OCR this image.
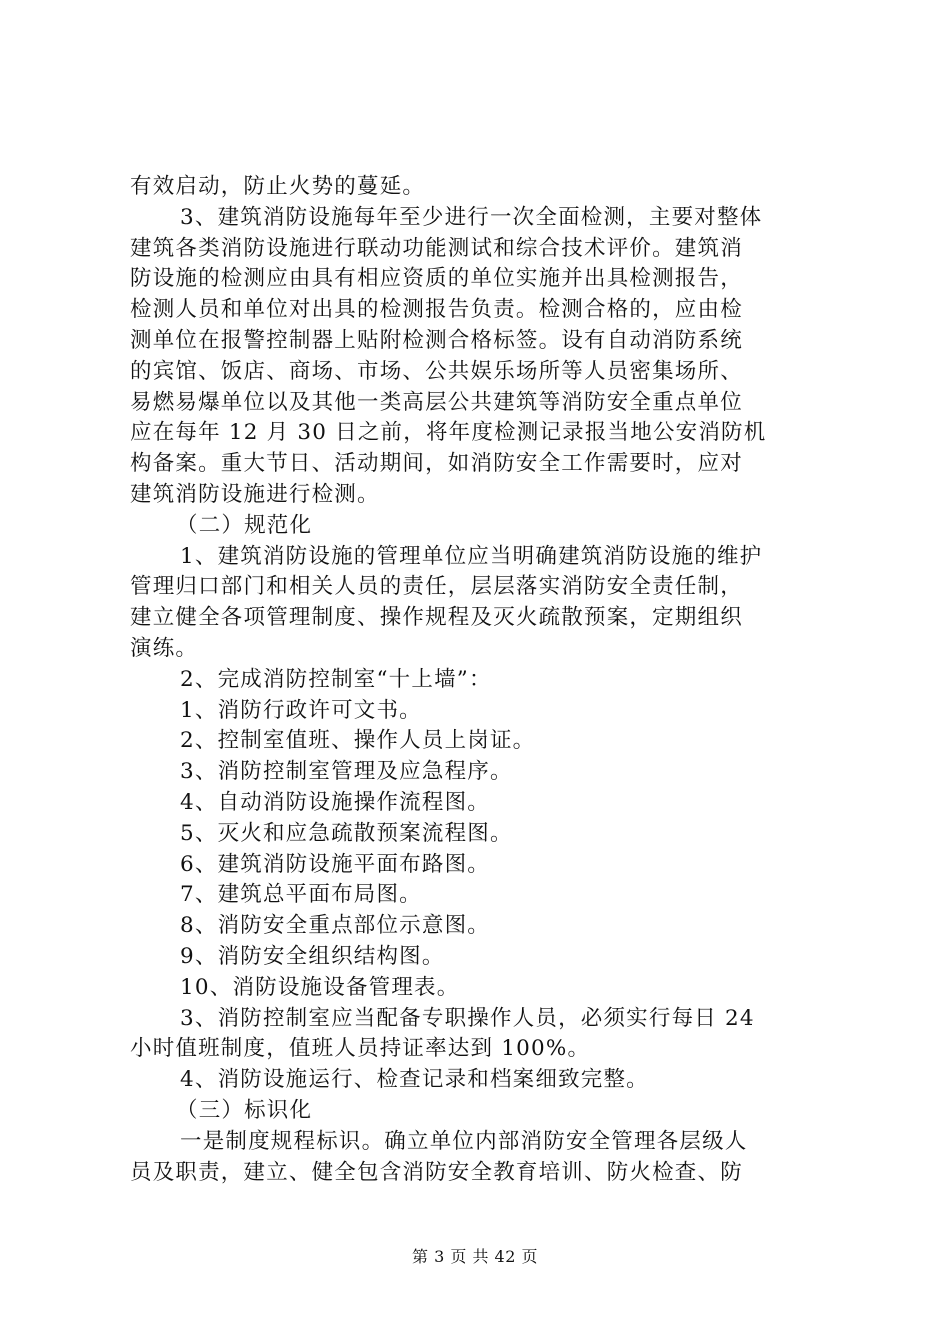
有效启动，防止火势的蔓延。
3、建筑消防设施每年至少进行一次全面检测，主要对整体
建筑各类消防设施进行联动功能测试和综合技术评价。建筑消
防设施的检测应由具有相应资质的单位实施并出具检测报告，
检测人员和单位对出具的检测报告负责。检测合格的，应由检
测单位在报警控制器上贴附检测合格标签。设有自动消防系统
的宾馆、饭店、商场、市场、公共娱乐场所等人员密集场所、
易燃易爆单位以及其他一类高层公共建筑等消防安全重点单位
应在每年 12 月 30 日之前，将年度检测记录报当地公安消防机
构备案。重大节日、活动期间，如消防安全工作需要时，应对
建筑消防设施进行检测。
（二）规范化
1、建筑消防设施的管理单位应当明确建筑消防设施的维护
管理归口部门和相关人员的责任，层层落实消防安全责任制，
建立健全各项管理制度、操作规程及灭火疏散预案，定期组织
演练。
2、完成消防控制室“十上墙”：
1、消防行政许可文书。
2、控制室值班、操作人员上岗证。
3、消防控制室管理及应急程序。
4、自动消防设施操作流程图。
5、灭火和应急疏散预案流程图。
6、建筑消防设施平面布路图。
7、建筑总平面布局图。
8、消防安全重点部位示意图。
9、消防安全组织结构图。
10、消防设施设备管理表。
3、消防控制室应当配备专职操作人员，必须实行每日 24
小时值班制度，值班人员持证率达到 100%。
4、消防设施运行、检查记录和档案细致完整。
（三）标识化
一是制度规程标识。确立单位内部消防安全管理各层级人
员及职责，建立、健全包含消防安全教育培训、防火检查、防
第 3 页 共 42 页
